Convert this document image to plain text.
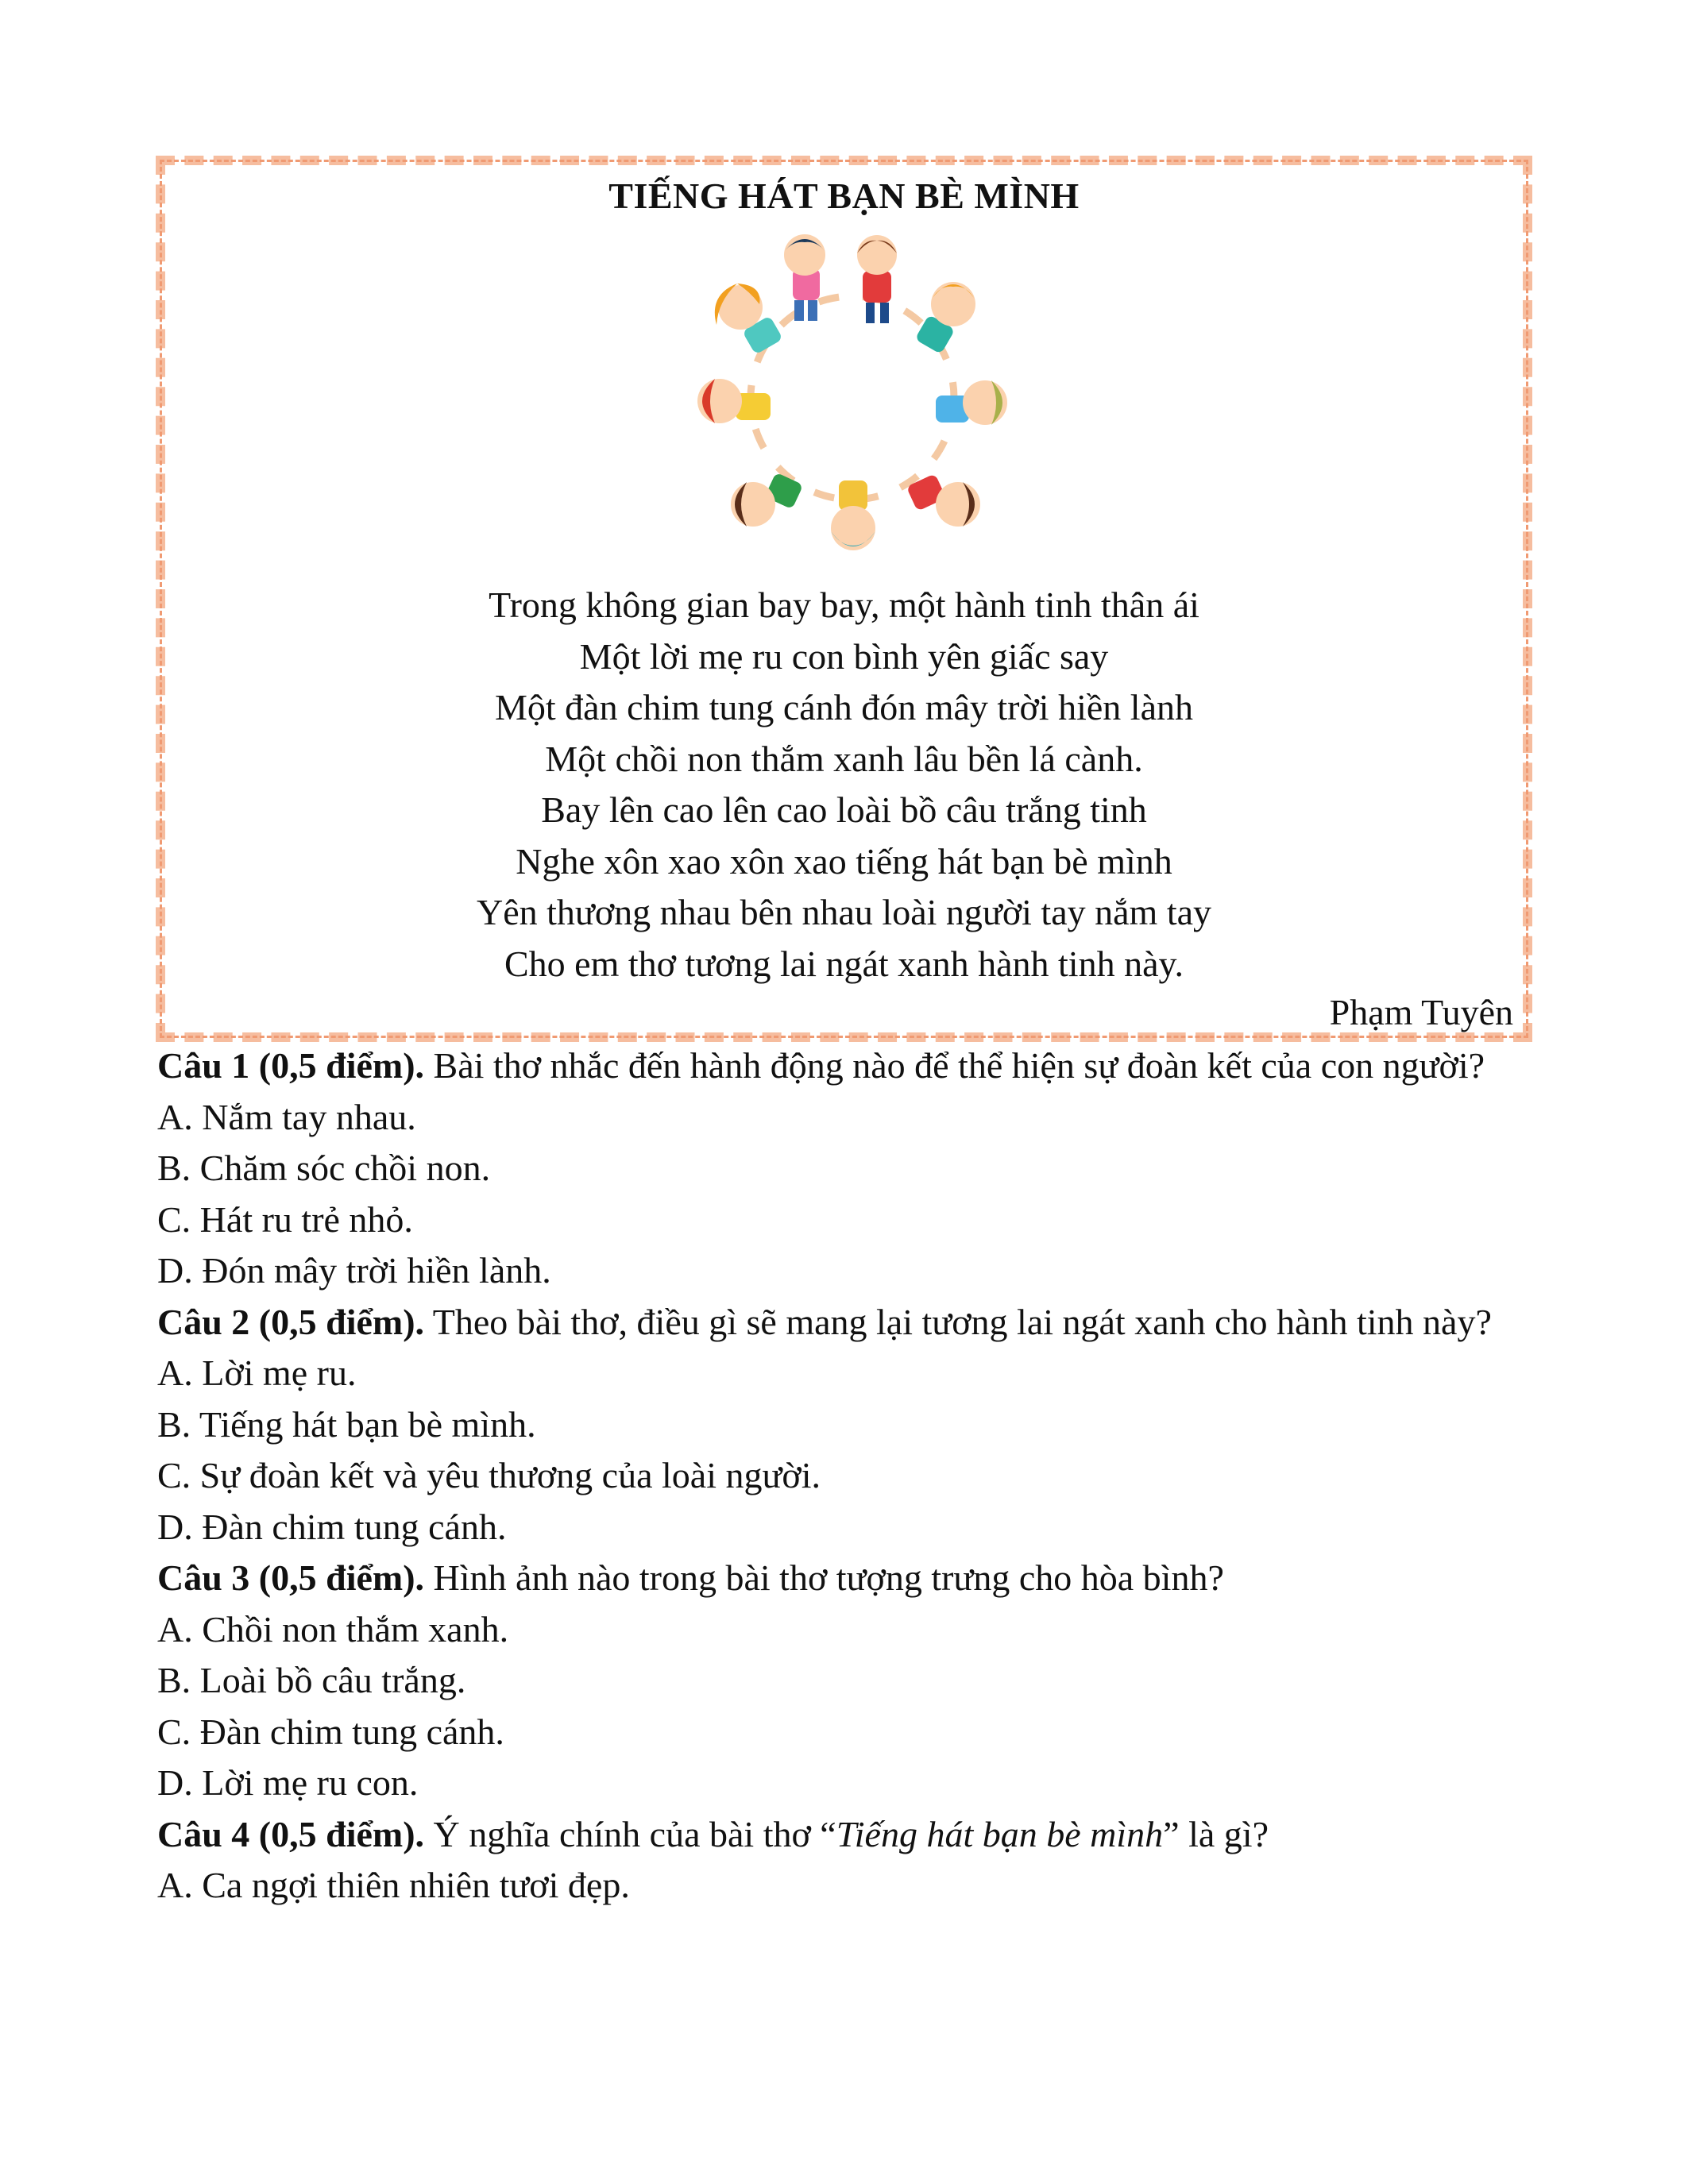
TIẾNG HÁT BẠN BÈ MÌNH
Trong không gian bay bay, một hành tinh thân ái
Một lời mẹ ru con bình yên giấc say
Một đàn chim tung cánh đón mây trời hiền lành
Một chồi non thắm xanh lâu bền lá cành.
Bay lên cao lên cao loài bồ câu trắng tinh
Nghe xôn xao xôn xao tiếng hát bạn bè mình
Yên thương nhau bên nhau loài người tay nắm tay
Cho em thơ tương lai ngát xanh hành tinh này.
Phạm Tuyên

Câu 1 (0,5 điểm). Bài thơ nhắc đến hành động nào để thể hiện sự đoàn kết của con người?

A. Nắm tay nhau.

B. Chăm sóc chồi non.

C. Hát ru trẻ nhỏ.

D. Đón mây trời hiền lành.

Câu 2 (0,5 điểm). Theo bài thơ, điều gì sẽ mang lại tương lai ngát xanh cho hành tinh này?

A. Lời mẹ ru.

B. Tiếng hát bạn bè mình.

C. Sự đoàn kết và yêu thương của loài người.

D. Đàn chim tung cánh.

Câu 3 (0,5 điểm). Hình ảnh nào trong bài thơ tượng trưng cho hòa bình?

A. Chồi non thắm xanh.

B. Loài bồ câu trắng.

C. Đàn chim tung cánh.

D. Lời mẹ ru con.

Câu 4 (0,5 điểm). Ý nghĩa chính của bài thơ “Tiếng hát bạn bè mình” là gì?

A. Ca ngợi thiên nhiên tươi đẹp.
